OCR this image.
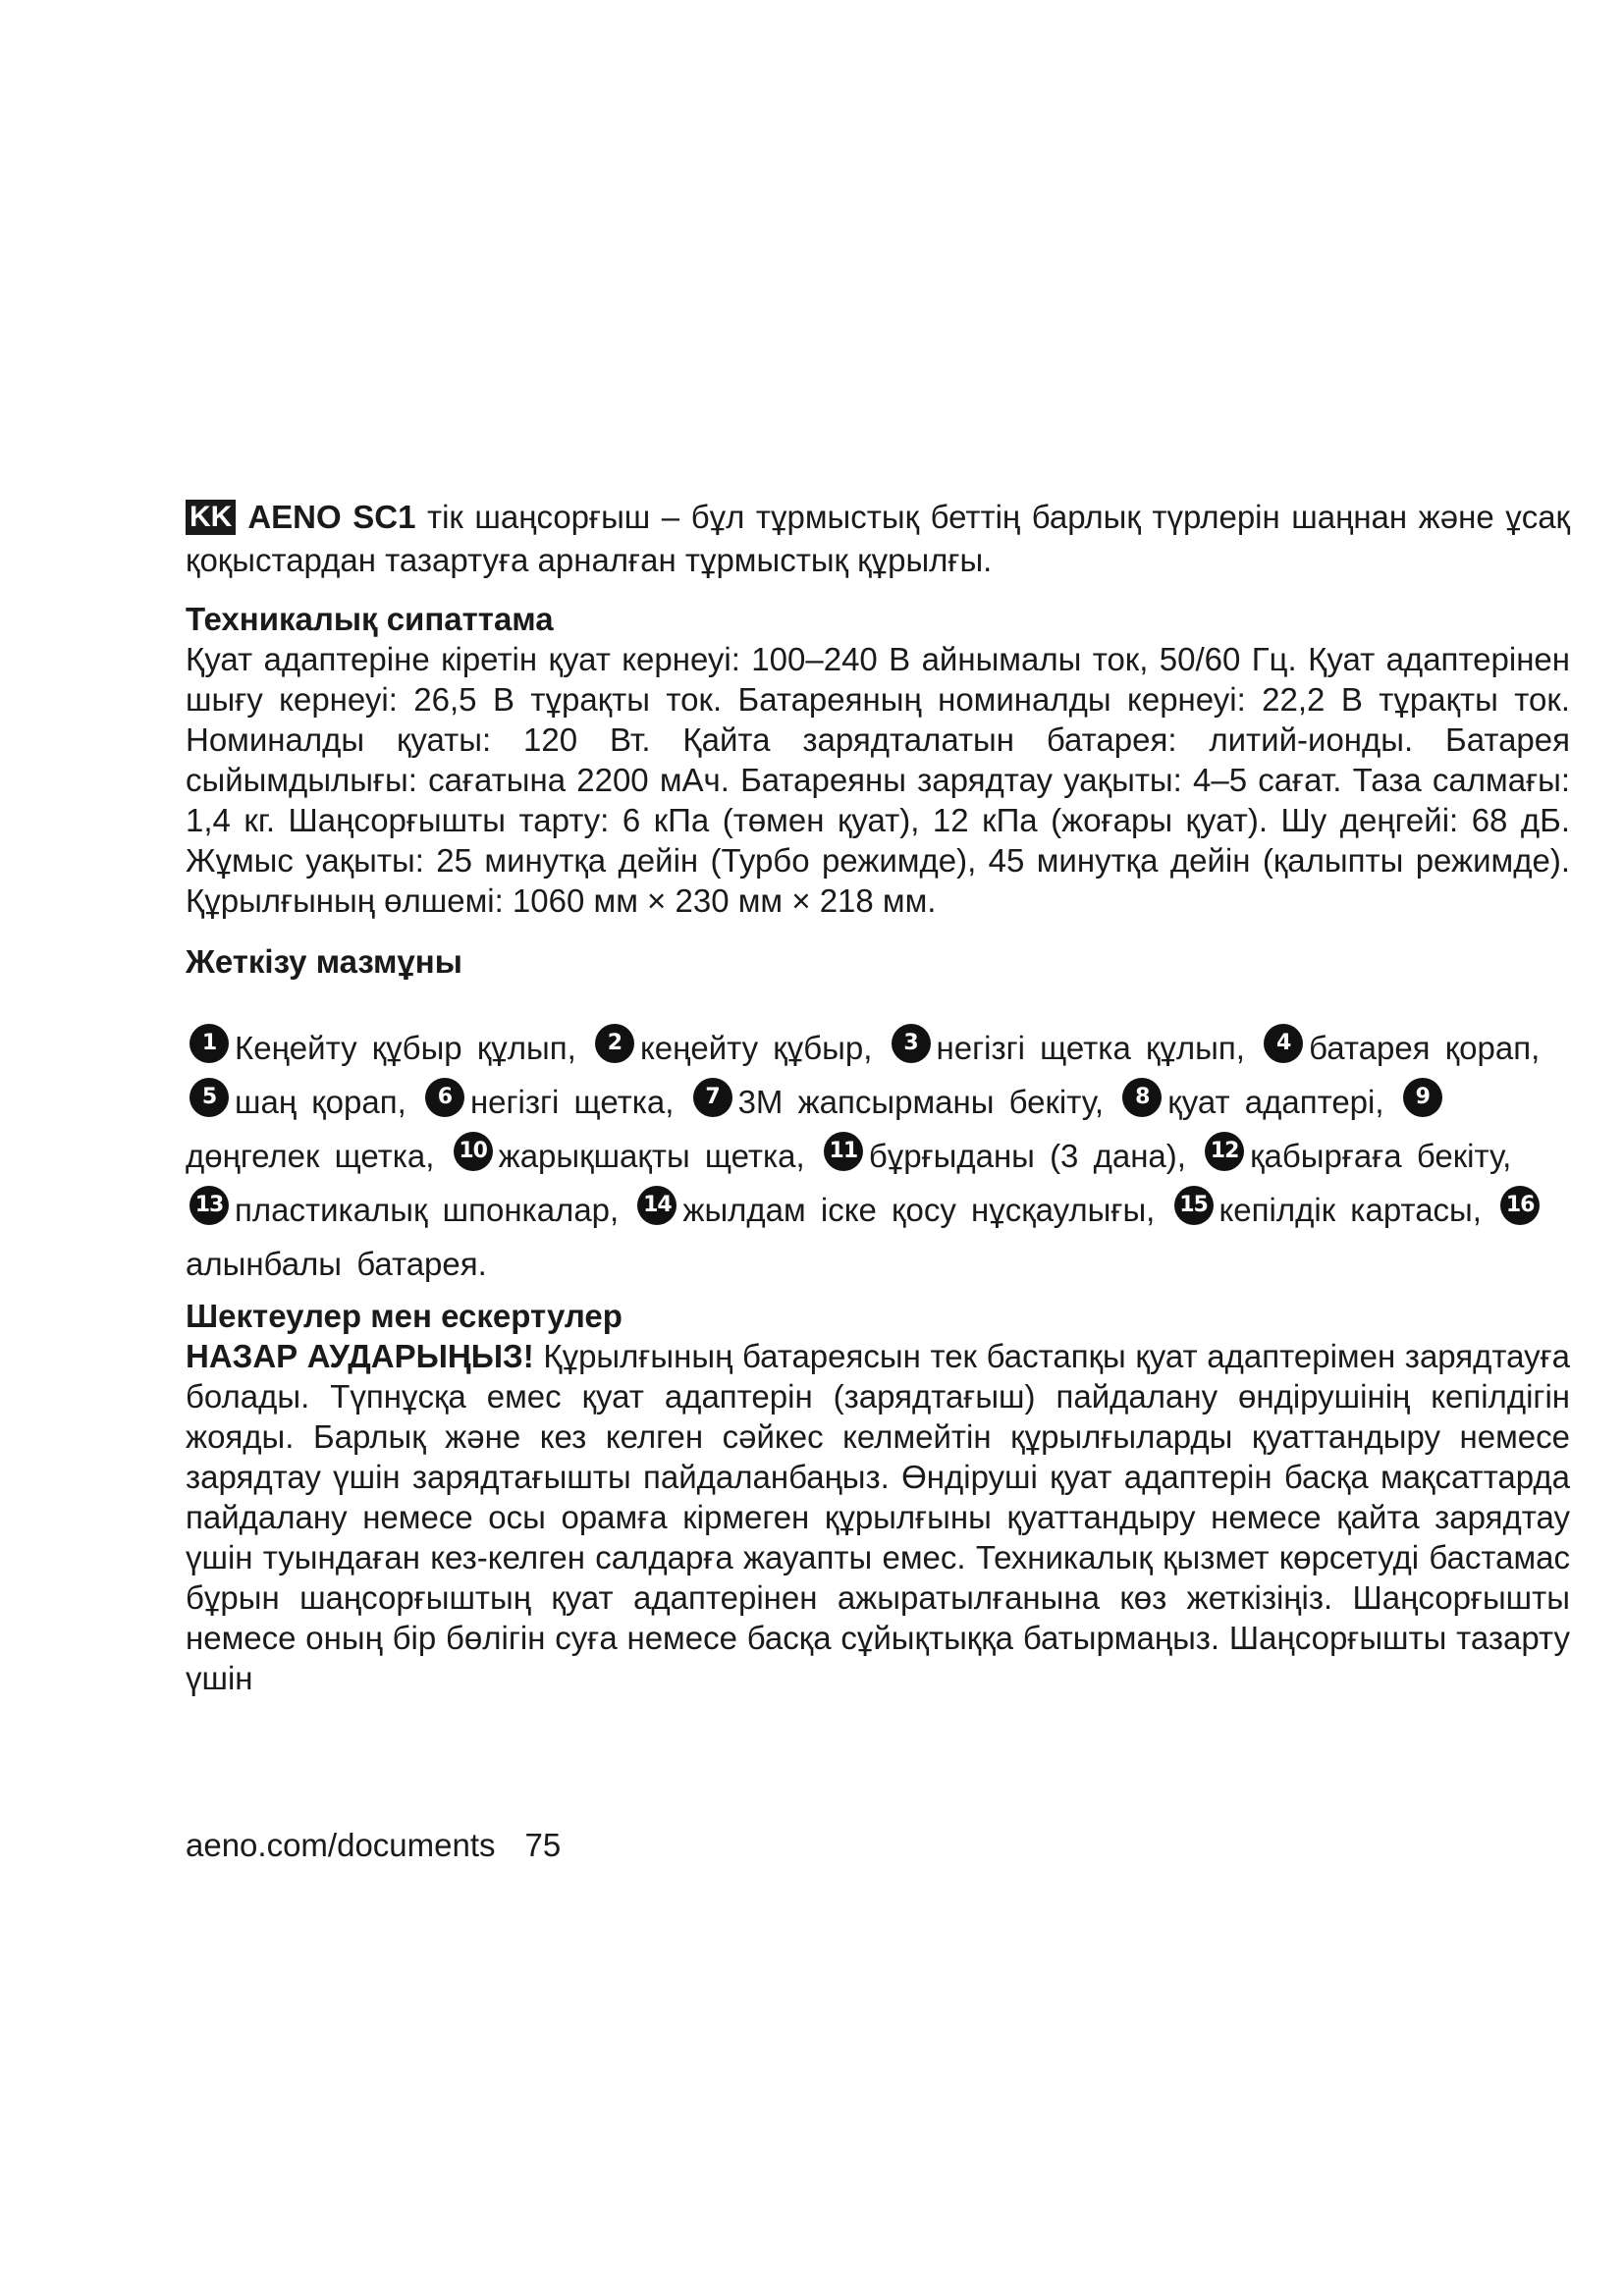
KK AENO SC1 тік шаңсорғыш – бұл тұрмыстық беттің барлық түрлерін шаңнан және ұсақ қоқыстардан тазартуға арналған тұрмыстық құрылғы.

Техникалық сипаттама

Қуат адаптеріне кіретін қуат кернеуі: 100–240 В айнымалы ток, 50/60 Гц. Қуат адаптерінен шығу кернеуі: 26,5 В тұрақты ток. Батареяның номиналды кернеуі: 22,2 В тұрақты ток. Номиналды қуаты: 120 Вт. Қайта зарядталатын батарея: литий-ионды. Батарея сыйымдылығы: сағатына 2200 мАч. Батареяны зарядтау уақыты: 4–5 сағат. Таза салмағы: 1,4 кг. Шаңсорғышты тарту: 6 кПа (төмен қуат), 12 кПа (жоғары қуат). Шу деңгейі: 68 дБ. Жұмыс уақыты: 25 минутқа дейін (Турбо режимде), 45 минутқа дейін (қалыпты режимде). Құрылғының өлшемі: 1060 мм × 230 мм × 218 мм.

Жеткізу мазмұны
1 Кеңейту құбыр құлып, 2 кеңейту құбыр, 3 негізгі щетка құлып, 4 батарея қорап, 5 шаң қорап, 6 негізгі щетка, 7 3M жапсырманы бекіту, 8 қуат адаптері, 9дөңгелек щетка, 10 жарықшақты щетка, 11 бұрғыданы (3 дана), 12 қабырғаға бекіту, 13 пластикалық шпонкалар, 14 жылдам іске қосу нұсқаулығы, 15 кепілдік картасы, 16алынбалы батарея.
Шектеулер мен ескертулер

НАЗАР АУДАРЫҢЫЗ! Құрылғының батареясын тек бастапқы қуат адаптерімен зарядтауға болады. Түпнұсқа емес қуат адаптерін (зарядтағыш) пайдалану өндірушінің кепілдігін жояды. Барлық және кез келген сәйкес келмейтін құрылғыларды қуаттандыру немесе зарядтау үшін зарядтағышты пайдаланбаңыз. Өндіруші қуат адаптерін басқа мақсаттарда пайдалану немесе осы орамға кірмеген құрылғыны қуаттандыру немесе қайта зарядтау үшін туындаған кез-келген салдарға жауапты емес. Техникалық қызмет көрсетуді бастамас бұрын шаңсорғыштың қуат адаптерінен ажыратылғанына көз жеткізіңіз. Шаңсорғышты немесе оның бір бөлігін суға немесе басқа сұйықтыққа батырмаңыз. Шаңсорғышты тазарту үшін

aeno.com/documents 75
